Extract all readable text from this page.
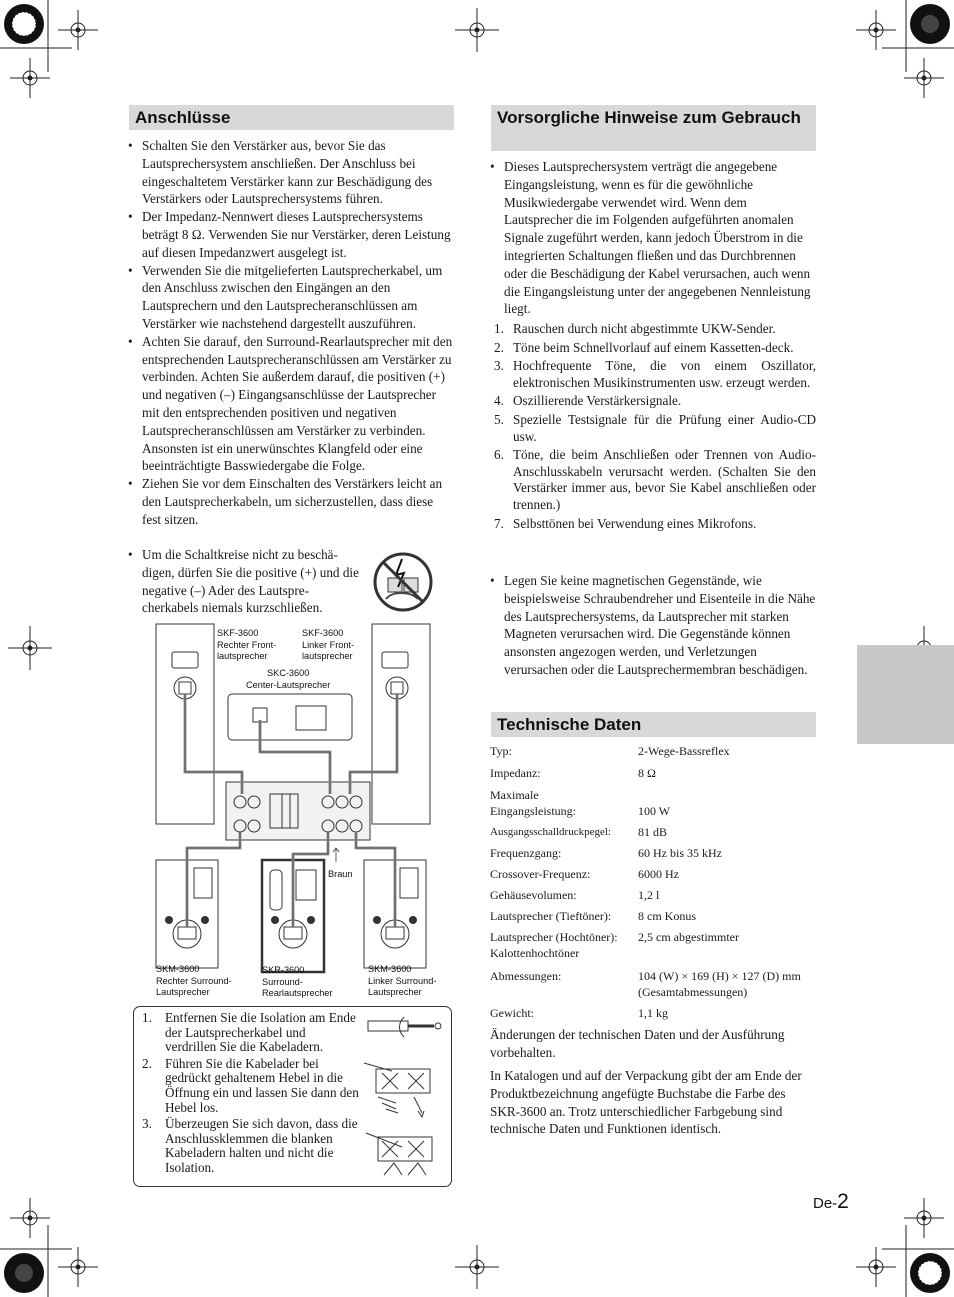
Anschlüsse
• Schalten Sie den Verstärker aus, bevor Sie das Lautsprechersystem anschließen. Der Anschluss bei eingeschaltetem Verstärker kann zur Beschädigung des Verstärkers oder Lautsprechersystems führen.
• Der Impedanz-Nennwert dieses Lautsprechersystems beträgt 8 Ω. Verwenden Sie nur Verstärker, deren Leistung auf diesen Impedanzwert ausgelegt ist.
• Verwenden Sie die mitgelieferten Lautsprecherkabel, um den Anschluss zwischen den Eingängen an den Lautsprechern und den Lautsprecheranschlüssen am Verstärker wie nachstehend dargestellt auszuführen.
• Achten Sie darauf, den Surround-Rearlautsprecher mit den entsprechenden Lautsprecheranschlüssen am Verstärker zu verbinden. Achten Sie außerdem darauf, die positiven (+) und negativen (–) Eingangsanschlüsse der Lautsprecher mit den entsprechenden positiven und negativen Lautsprecheranschlüssen am Verstärker zu verbinden. Ansonsten ist ein unerwünschtes Klangfeld oder eine beeinträchtigte Basswiedergabe die Folge.
• Ziehen Sie vor dem Einschalten des Verstärkers leicht an den Lautsprecherkabeln, um sicherzustellen, dass diese fest sitzen.
• Um die Schaltkreise nicht zu beschä-digen, dürfen Sie die positive (+) und die negative (–) Ader des Lautspre-cherkabels niemals kurzschließen.
SKF-3600
Rechter Front-
lautsprecher
SKF-3600
Linker Front-
lautsprecher
SKC-3600
Center-Lautsprecher
SKM-3600
Rechter Surround-
Lautsprecher
SKR-3600
Surround-
Rearlautsprecher
SKM-3600
Linker Surround-
Lautsprecher
Braun
1. Entfernen Sie die Isolation am Ende der Lautsprecherkabel und verdrillen Sie die Kabeladern.
2. Führen Sie die Kabelader bei gedrückt gehaltenem Hebel in die Öffnung ein und lassen Sie dann den Hebel los.
3. Überzeugen Sie sich davon, dass die Anschlussklemmen die blanken Kabeladern halten und nicht die Isolation.
Vorsorgliche Hinweise zum Gebrauch
• Dieses Lautsprechersystem verträgt die angegebene Eingangsleistung, wenn es für die gewöhnliche Musikwiedergabe verwendet wird. Wenn dem Lautsprecher die im Folgenden aufgeführten anomalen Signale zugeführt werden, kann jedoch Überstrom in die integrierten Schaltungen fließen und das Durchbrennen oder die Beschädigung der Kabel verursachen, auch wenn die Eingangsleistung unter der angegebenen Nennleistung liegt.
1. Rauschen durch nicht abgestimmte UKW-Sender.
2. Töne beim Schnellvorlauf auf einem Kassetten-deck.
3. Hochfrequente Töne, die von einem Oszillator, elektronischen Musikinstrumenten usw. erzeugt werden.
4. Oszillierende Verstärkersignale.
5. Spezielle Testsignale für die Prüfung einer Audio-CD usw.
6. Töne, die beim Anschließen oder Trennen von Audio-Anschlusskabeln verursacht werden. (Schalten Sie den Verstärker immer aus, bevor Sie Kabel anschließen oder trennen.)
7. Selbsttönen bei Verwendung eines Mikrofons.
• Legen Sie keine magnetischen Gegenstände, wie beispielsweise Schraubendreher und Eisenteile in die Nähe des Lautsprechersystems, da Lautsprecher mit starken Magneten verursachen wird. Die Gegenstände können ansonsten angezogen werden, und Verletzungen verursachen oder die Lautsprechermembran beschädigen.
Technische Daten
Typ:	2-Wege-Bassreflex
Impedanz:	8 Ω
Maximale
Eingangsleistung:	100 W
Ausgangsschalldruckpegel:	81 dB
Frequenzgang:	60 Hz bis 35 kHz
Crossover-Frequenz:	6000 Hz
Gehäusevolumen:	1,2 l
Lautsprecher (Tieftöner):	8 cm Konus
Lautsprecher (Hochtöner):	2,5 cm abgestimmter
Kalottenhochtöner
Abmessungen:	104 (W) × 169 (H) × 127 (D) mm
(Gesamtabmessungen)
Gewicht:	1,1 kg
Änderungen der technischen Daten und der Ausführung vorbehalten.
In Katalogen und auf der Verpackung gibt der am Ende der Produktbezeichnung angefügte Buchstabe die Farbe des SKR-3600 an. Trotz unterschiedlicher Farbgebung sind technische Daten und Funktionen identisch.
De-2
